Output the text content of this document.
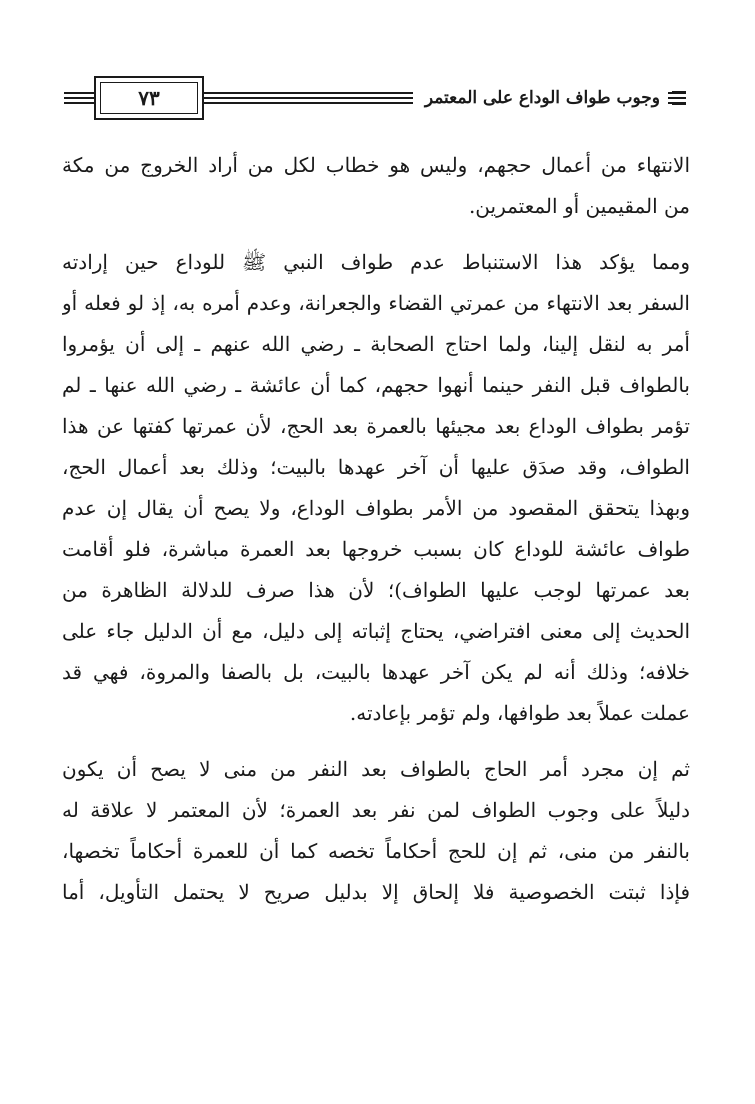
وجوب طواف الوداع على المعتمر
٧٣
الانتهاء من أعمال حجهم، وليس هو خطاب لكل من أراد الخروج من مكة
من المقيمين أو المعتمرين.
ومما يؤكد هذا الاستنباط عدم طواف النبي ﷺ للوداع حين إرادته
السفر بعد الانتهاء من عمرتي القضاء والجعرانة، وعدم أمره به، إذ لو فعله أو
أمر به لنقل إلينا، ولما احتاج الصحابة ـ رضي الله عنهم ـ إلى أن يؤمروا
بالطواف قبل النفر حينما أنهوا حجهم، كما أن عائشة ـ رضي الله عنها ـ لم
تؤمر بطواف الوداع بعد مجيئها بالعمرة بعد الحج، لأن عمرتها كفتها عن هذا
الطواف، وقد صدَق عليها أن آخر عهدها بالبيت؛ وذلك بعد أعمال الحج،
وبهذا يتحقق المقصود من الأمر بطواف الوداع، ولا يصح أن يقال إن عدم
طواف عائشة للوداع كان بسبب خروجها بعد العمرة مباشرة، فلو أقامت
بعد عمرتها لوجب عليها الطواف)؛ لأن هذا صرف للدلالة الظاهرة من
الحديث إلى معنى افتراضي، يحتاج إثباته إلى دليل، مع أن الدليل جاء على
خلافه؛ وذلك أنه لم يكن آخر عهدها بالبيت، بل بالصفا والمروة، فهي قد
عملت عملاً بعد طوافها، ولم تؤمر بإعادته.
ثم إن مجرد أمر الحاج بالطواف بعد النفر من منى لا يصح أن يكون
دليلاً على وجوب الطواف لمن نفر بعد العمرة؛ لأن المعتمر لا علاقة له
بالنفر من منى، ثم إن للحج أحكاماً تخصه كما أن للعمرة أحكاماً تخصها،
فإذا ثبتت الخصوصية فلا إلحاق إلا بدليل صريح لا يحتمل التأويل، أما
